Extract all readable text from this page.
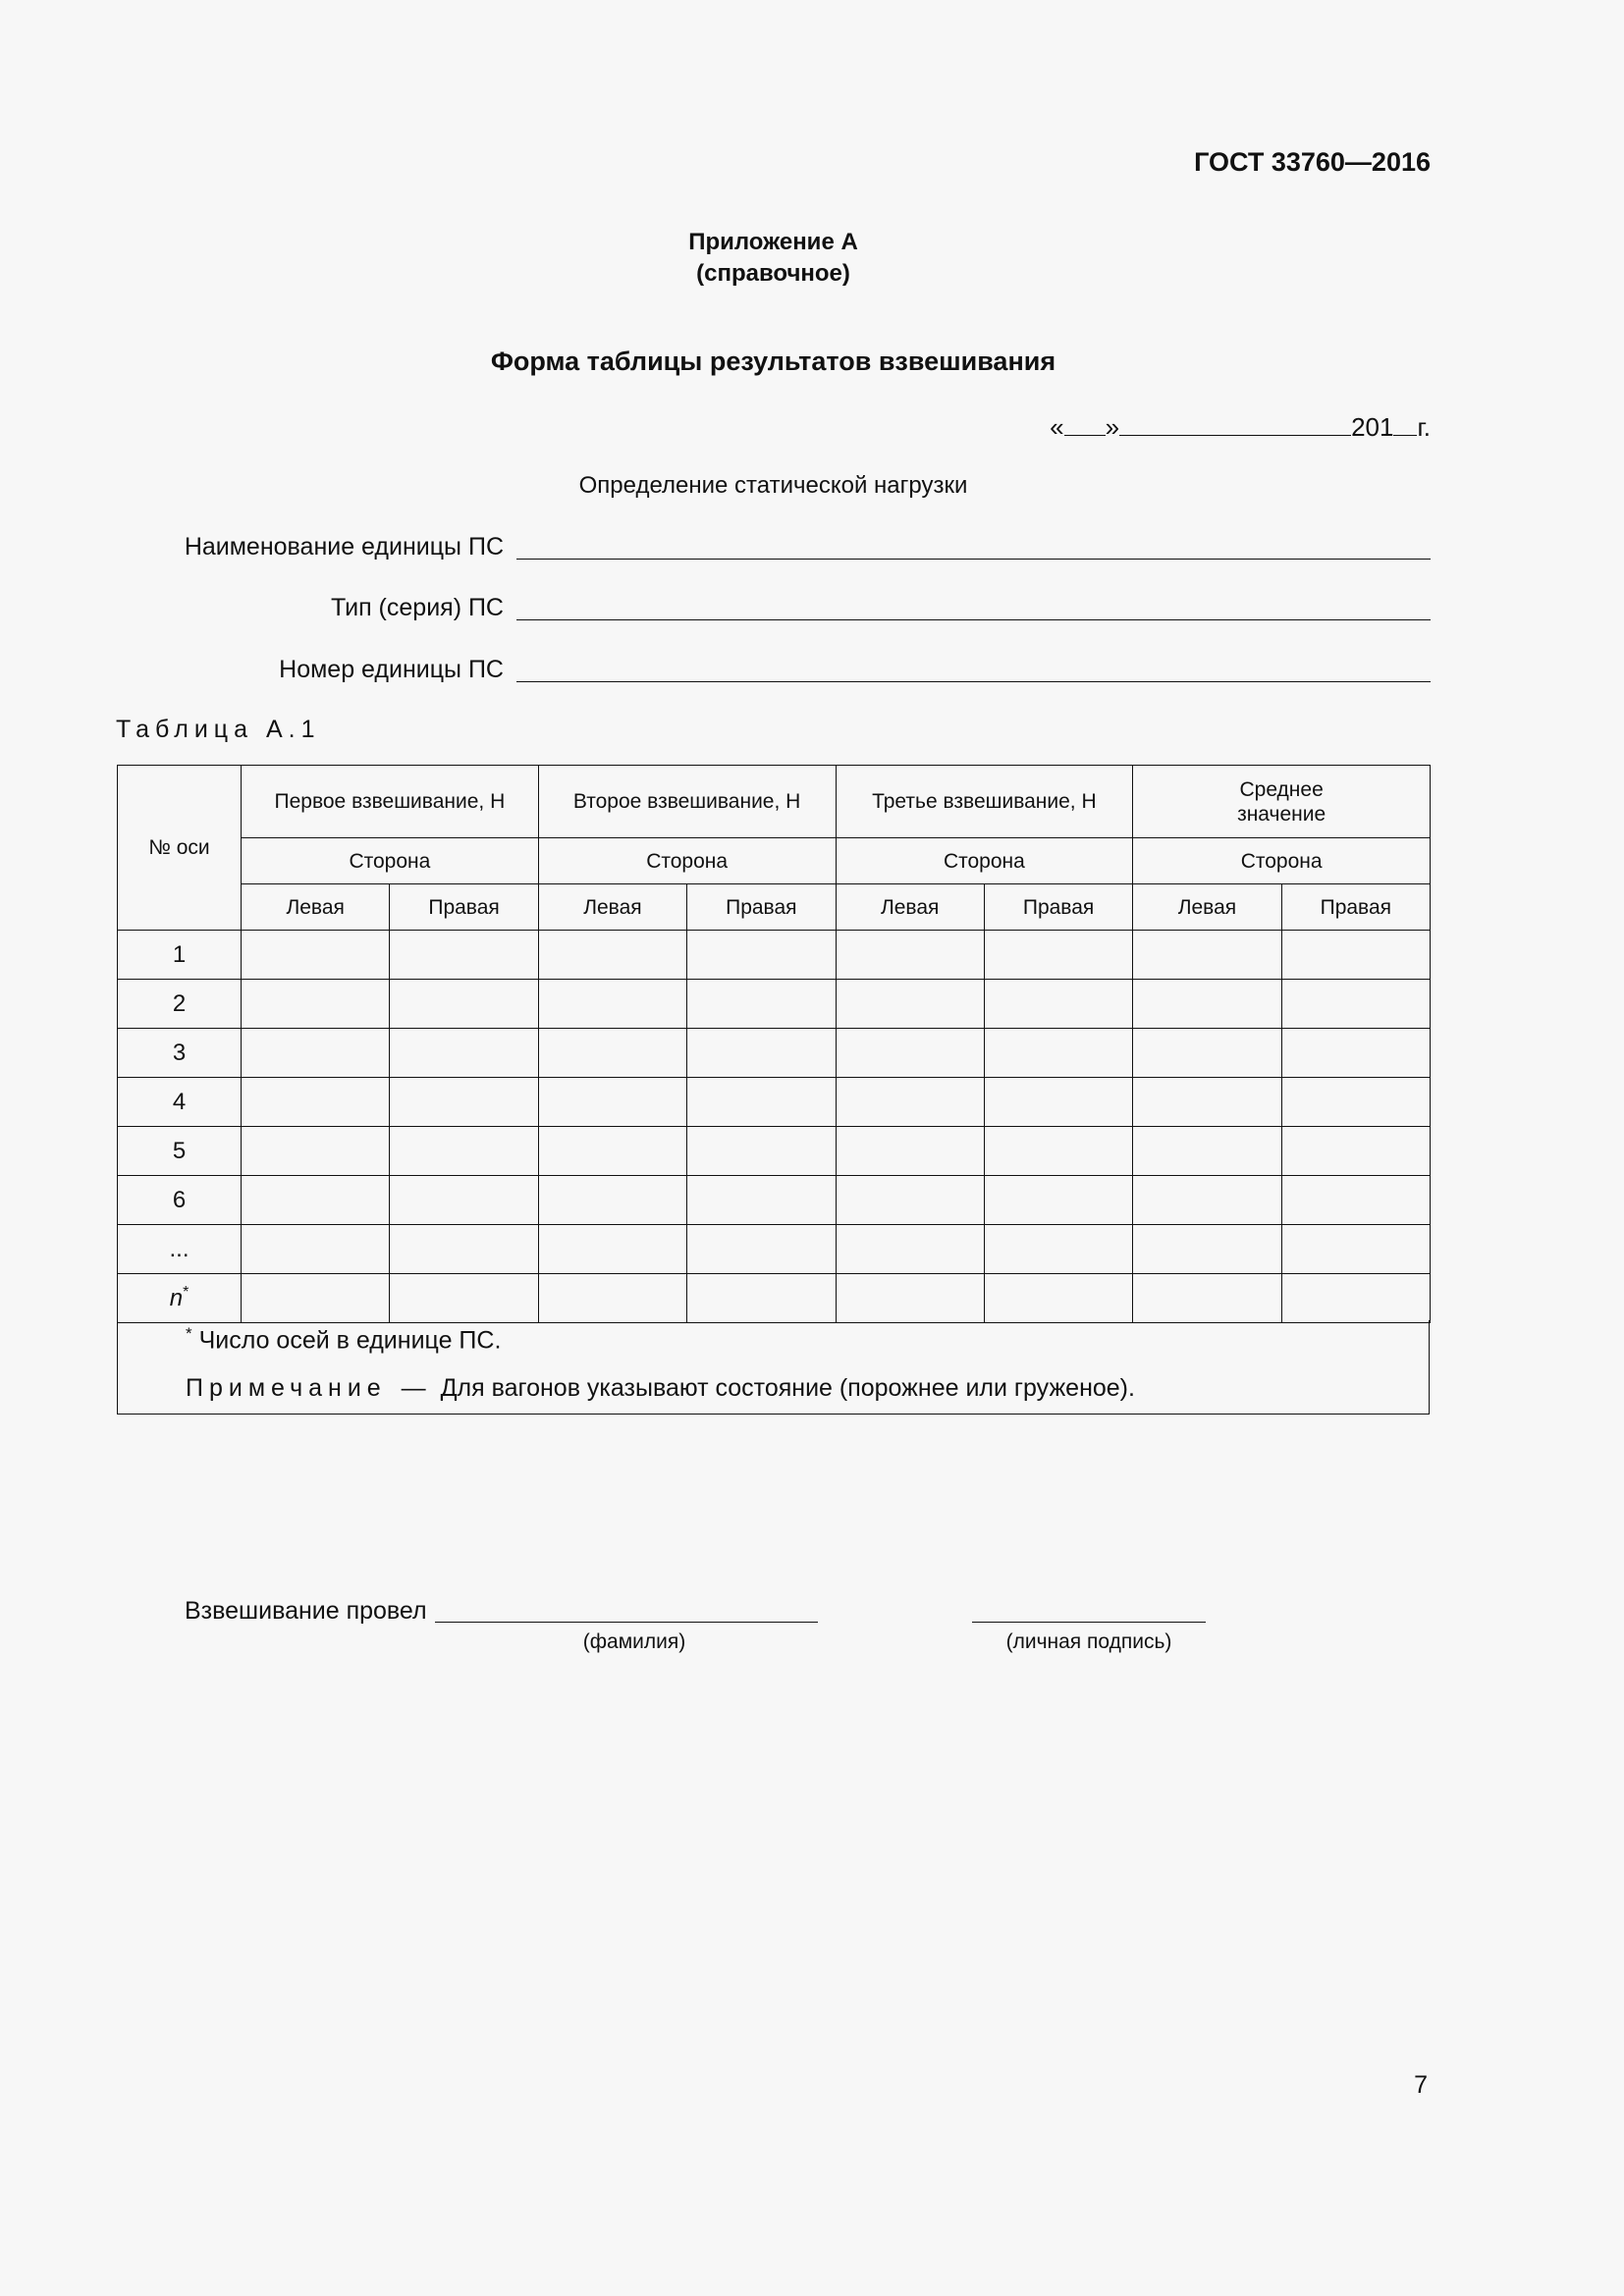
ГОСТ 33760—2016
Приложение А
(справочное)
Форма таблицы результатов взвешивания
« »	201 г.
Определение статической нагрузки
Наименование единицы ПС
Тип (серия) ПС
Номер единицы ПС
Таблица А.1
№ оси	Первое взвешивание, Н		Второе взвешивание, Н		Третье взвешивание, Н		Среднее значение	
	Сторона		Сторона		Сторона		Сторона	
	Левая	Правая	Левая	Правая	Левая	Правая	Левая	Правая
1								
2								
3								
4								
5								
6								
...								
n*								
* Число осей в единице ПС.
Примечание — Для вагонов указывают состояние (порожнее или груженое).
Взвешивание провел
(фамилия)	(личная подпись)
7
